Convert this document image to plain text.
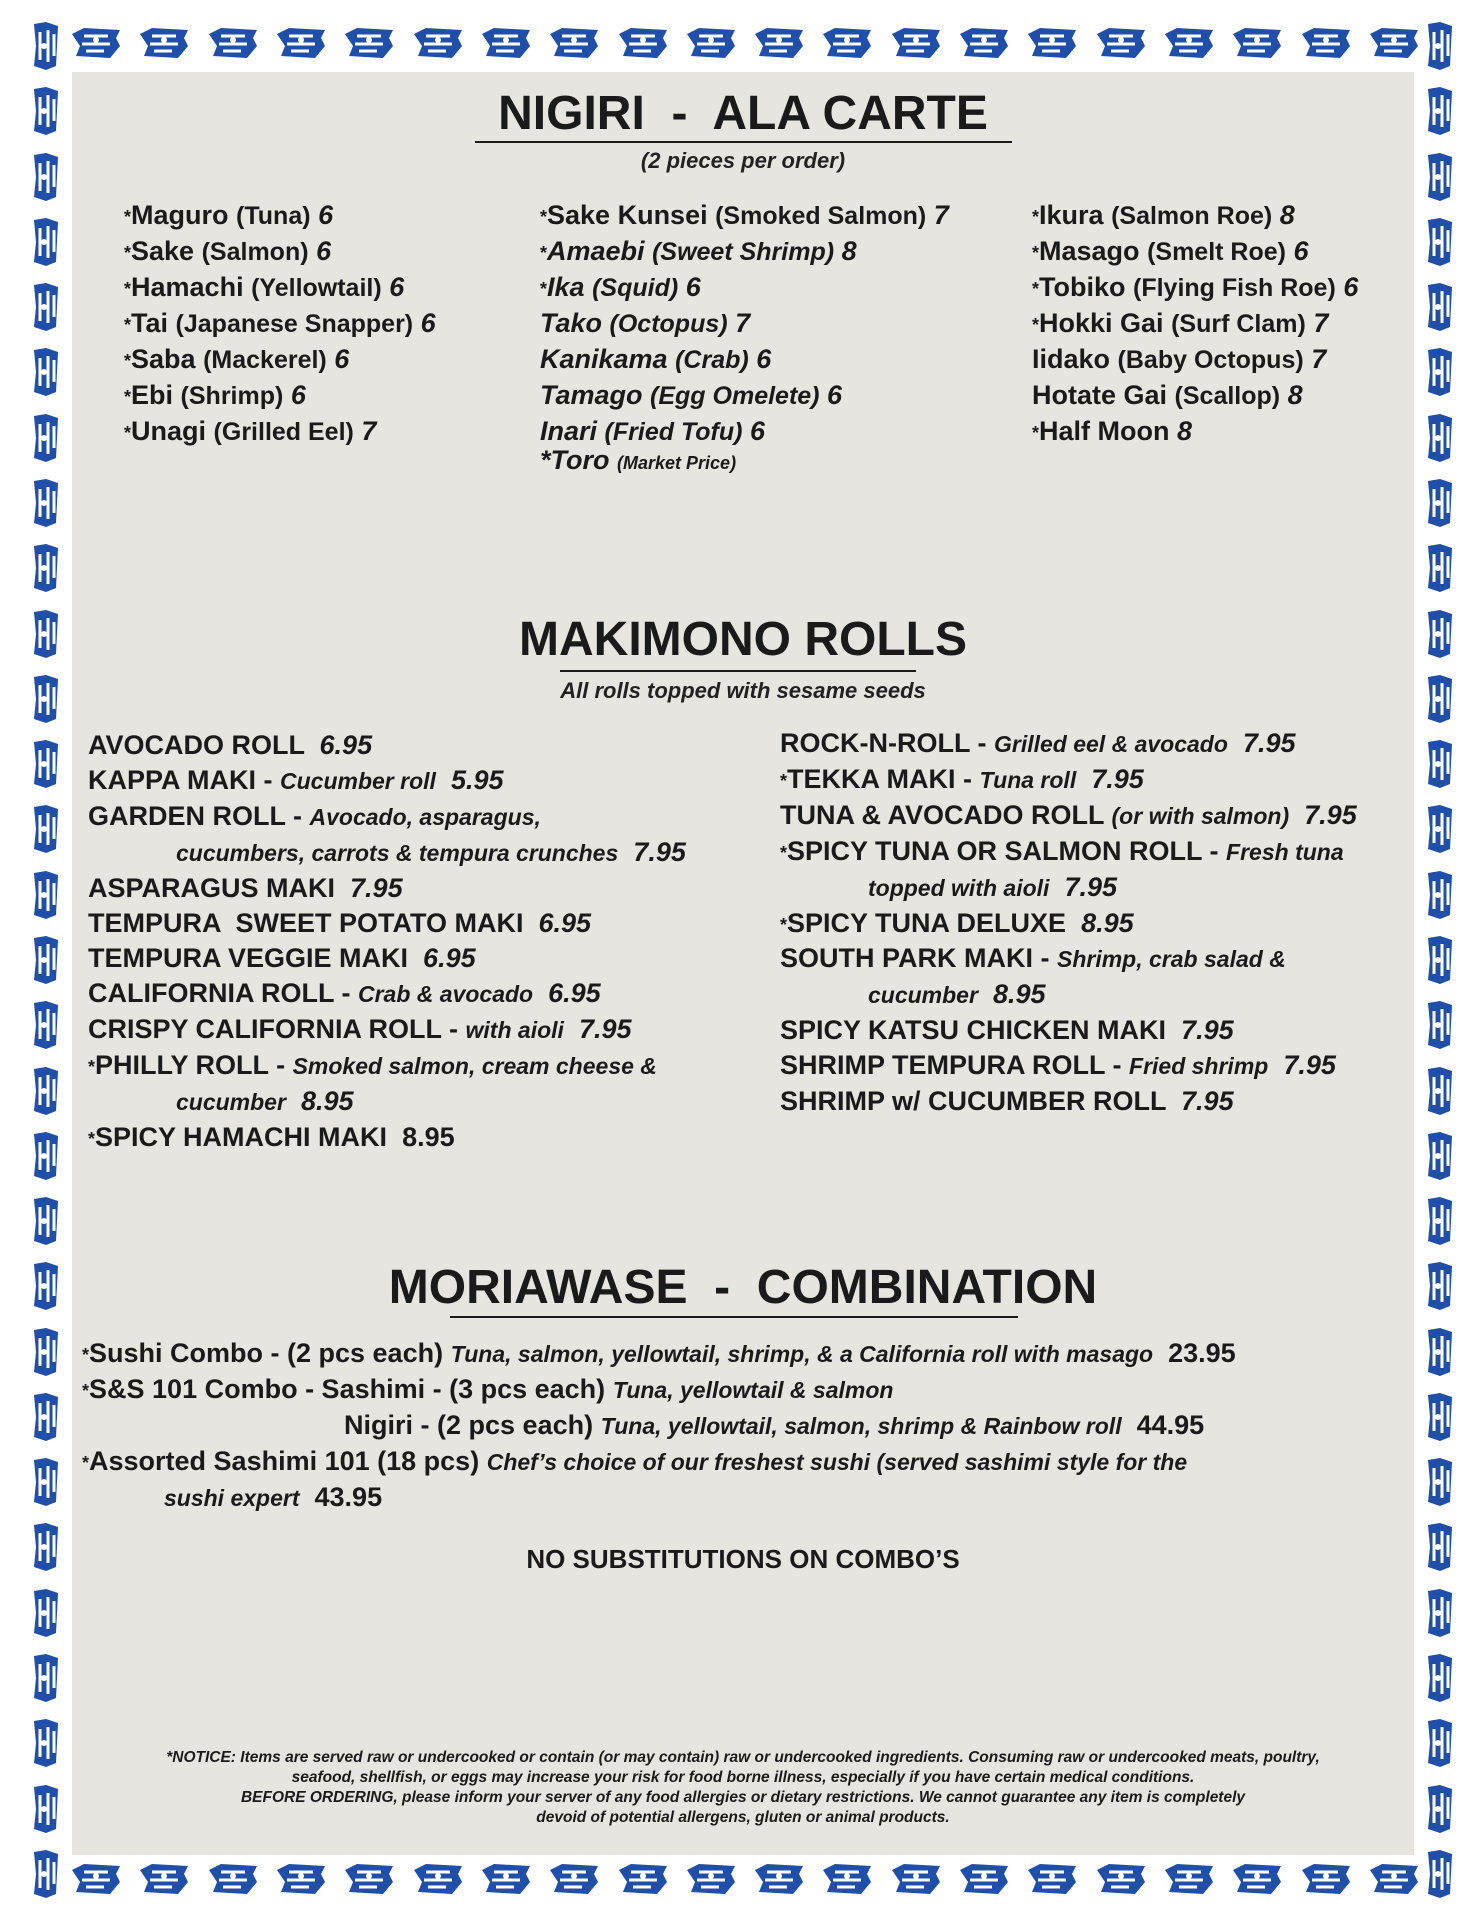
NIGIRI  -  ALA CARTE
(2 pieces per order)
*Maguro (Tuna) 6
*Sake (Salmon) 6
*Hamachi (Yellowtail) 6
*Tai (Japanese Snapper) 6
*Saba (Mackerel) 6
*Ebi (Shrimp) 6
*Unagi (Grilled Eel) 7
*Sake Kunsei (Smoked Salmon) 7
*Amaebi (Sweet Shrimp) 8
*Ika (Squid) 6
Tako (Octopus) 7
Kanikama (Crab) 6
Tamago (Egg Omelete) 6
Inari (Fried Tofu) 6
*Ikura (Salmon Roe) 8
*Masago (Smelt Roe) 6
*Tobiko (Flying Fish Roe) 6
*Hokki Gai (Surf Clam) 7
Iidako (Baby Octopus) 7
Hotate Gai (Scallop) 8
*Half Moon 8
*Toro (Market Price)
MAKIMONO ROLLS
All rolls topped with sesame seeds
AVOCADO ROLL 6.95
KAPPA MAKI - Cucumber roll 5.95
GARDEN ROLL - Avocado, asparagus,
cucumbers, carrots & tempura crunches 7.95
ASPARAGUS MAKI 7.95
TEMPURA  SWEET POTATO MAKI 6.95
TEMPURA VEGGIE MAKI 6.95
CALIFORNIA ROLL - Crab & avocado 6.95
CRISPY CALIFORNIA ROLL - with aioli 7.95
*PHILLY ROLL - Smoked salmon, cream cheese &
cucumber 8.95
*SPICY HAMACHI MAKI 8.95
ROCK-N-ROLL - Grilled eel & avocado 7.95
*TEKKA MAKI - Tuna roll 7.95
TUNA & AVOCADO ROLL (or with salmon) 7.95
*SPICY TUNA OR SALMON ROLL - Fresh tuna
topped with aioli 7.95
*SPICY TUNA DELUXE 8.95
SOUTH PARK MAKI - Shrimp, crab salad &
cucumber 8.95
SPICY KATSU CHICKEN MAKI 7.95
SHRIMP TEMPURA ROLL - Fried shrimp 7.95
SHRIMP w/ CUCUMBER ROLL 7.95
MORIAWASE  -  COMBINATION
*Sushi Combo - (2 pcs each) Tuna, salmon, yellowtail, shrimp, & a California roll with masago 23.95
*S&S 101 Combo - Sashimi - (3 pcs each) Tuna, yellowtail & salmon
Nigiri - (2 pcs each) Tuna, yellowtail, salmon, shrimp & Rainbow roll 44.95
*Assorted Sashimi 101 (18 pcs) Chef’s choice of our freshest sushi (served sashimi style for the
sushi expert 43.95
NO SUBSTITUTIONS ON COMBO’S
*NOTICE: Items are served raw or undercooked or contain (or may contain) raw or undercooked ingredients. Consuming raw or undercooked meats, poultry,
seafood, shellfish, or eggs may increase your risk for food borne illness, especially if you have certain medical conditions.
BEFORE ORDERING, please inform your server of any food allergies or dietary restrictions. We cannot guarantee any item is completely
devoid of potential allergens, gluten or animal products.
